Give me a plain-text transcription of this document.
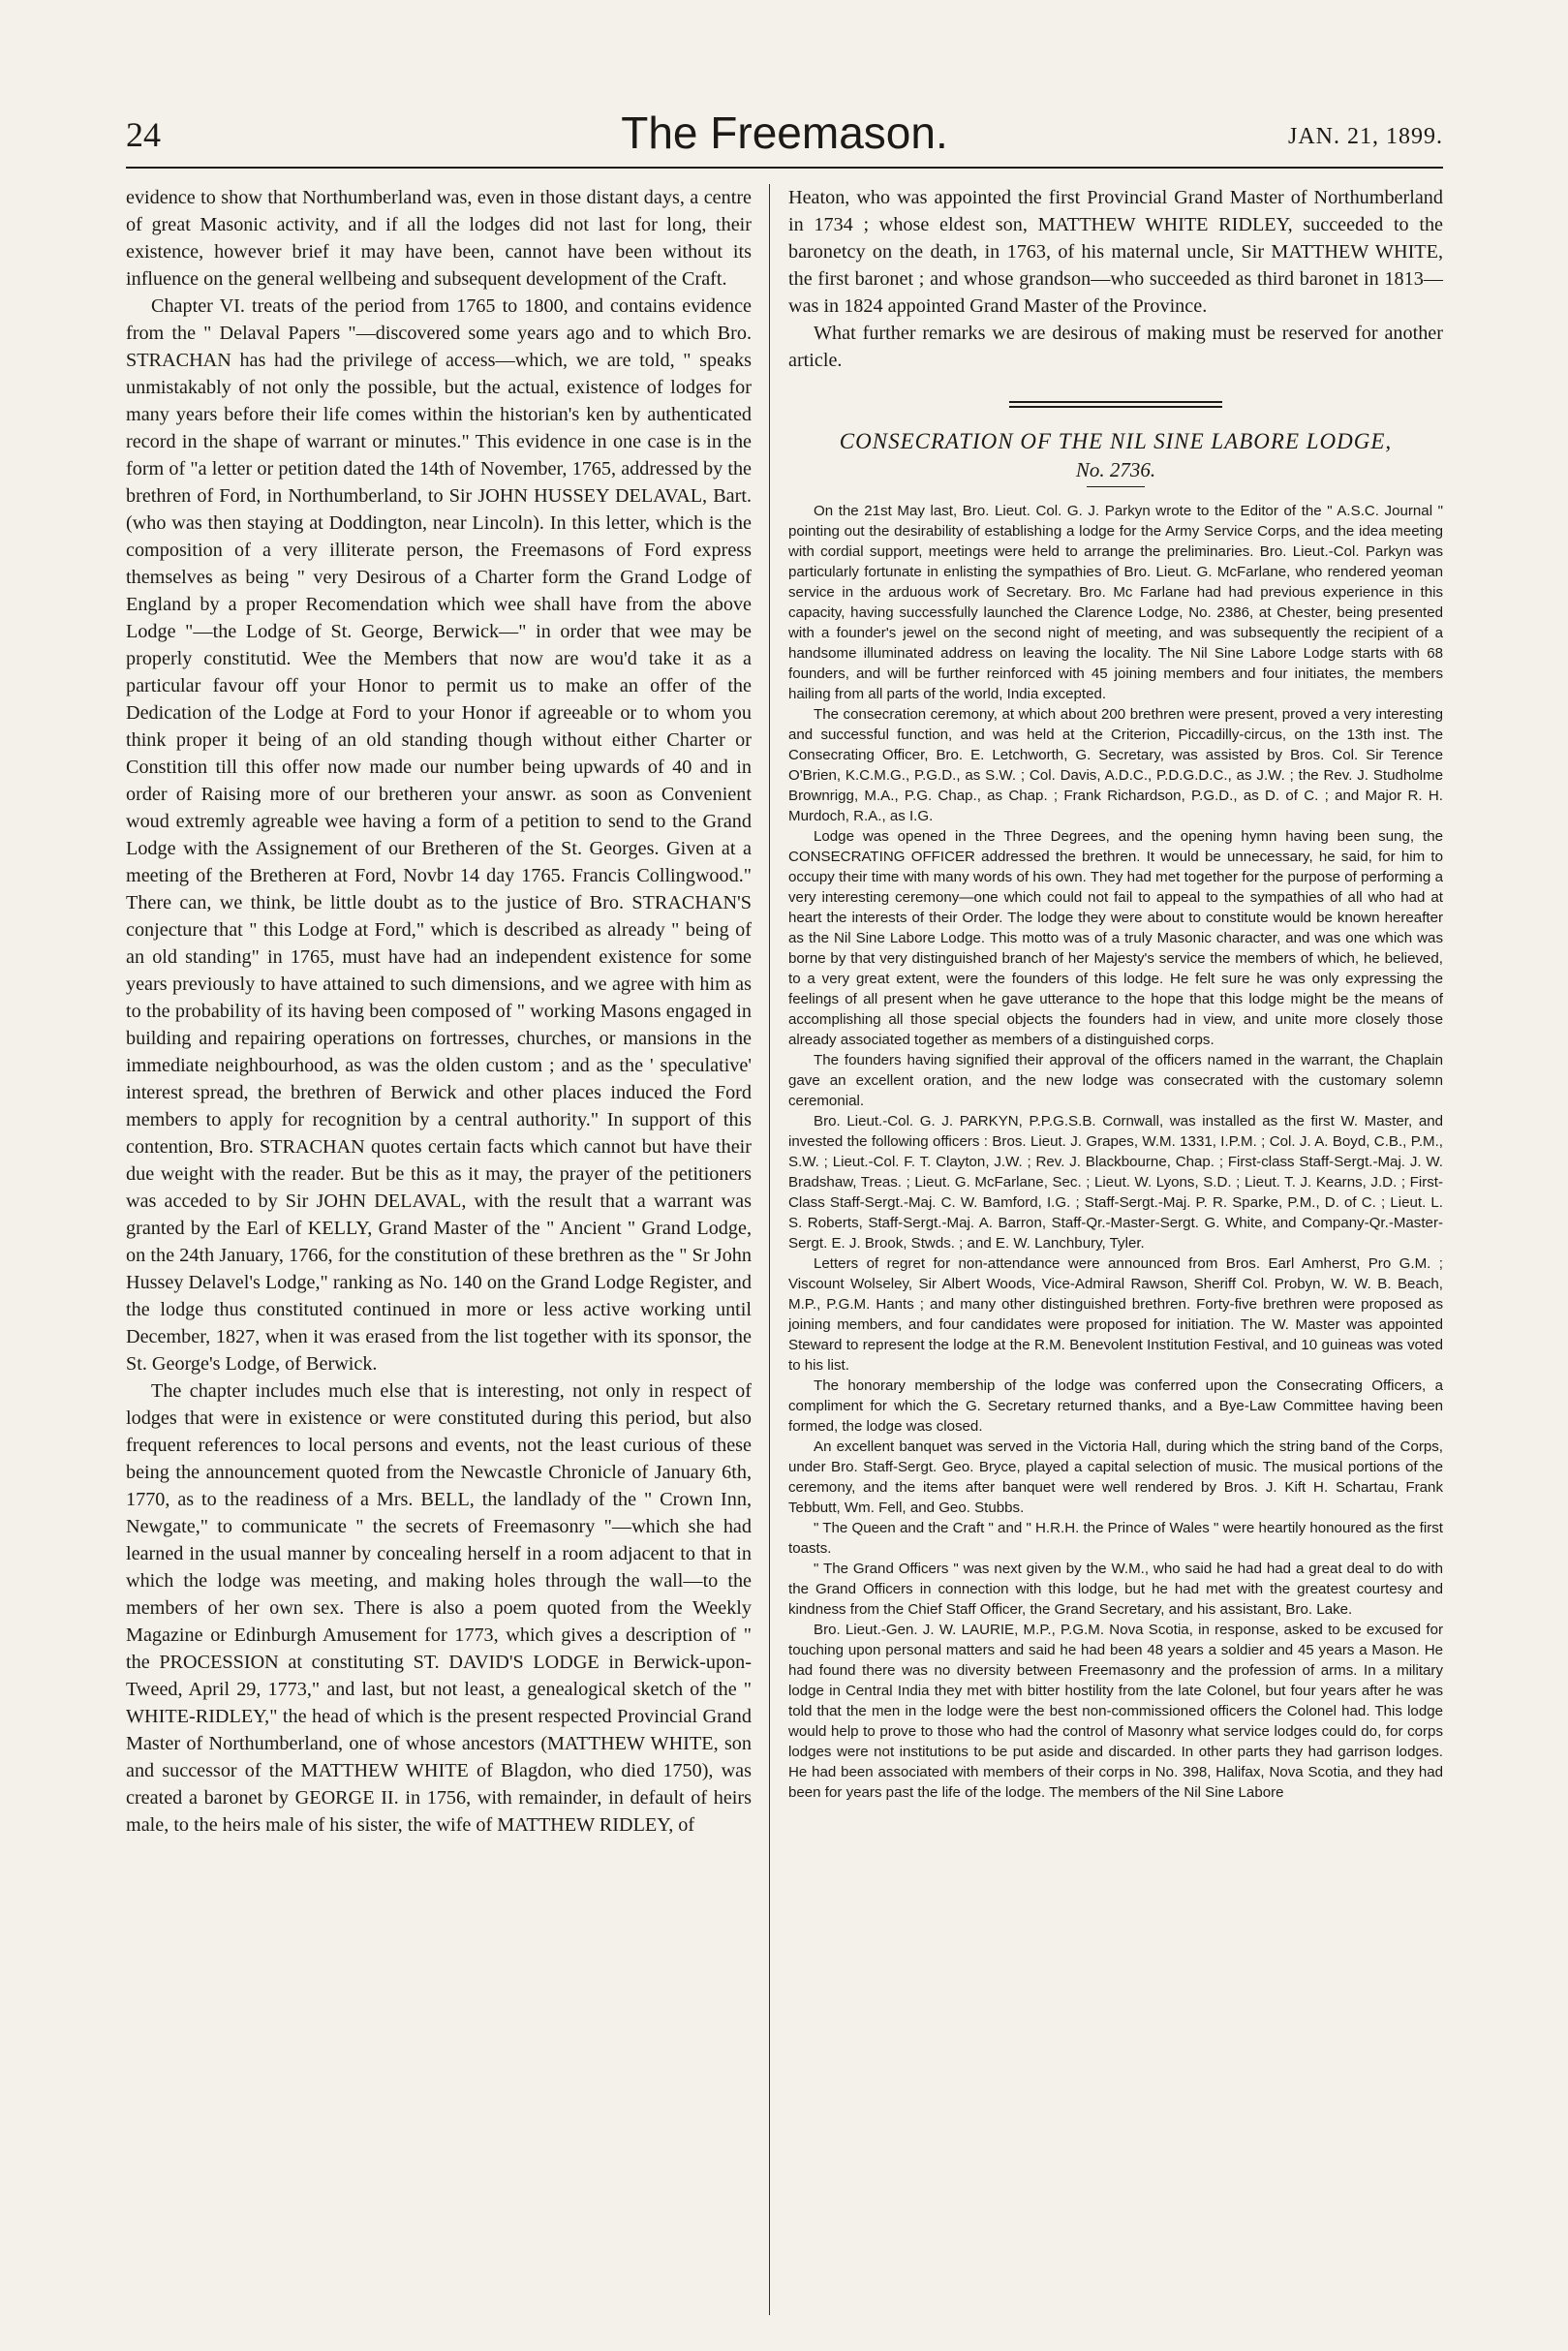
24	The Freemason.	JAN. 21, 1899.

evidence to show that Northumberland was, even in those distant days, a centre of great Masonic activity, and if all the lodges did not last for long, their existence, however brief it may have been, cannot have been without its influence on the general wellbeing and subsequent development of the Craft.

Chapter VI. treats of the period from 1765 to 1800, and contains evidence from the " Delaval Papers "—discovered some years ago and to which Bro. STRACHAN has had the privilege of access—which, we are told, " speaks unmistakably of not only the possible, but the actual, existence of lodges for many years before their life comes within the historian's ken by authenticated record in the shape of warrant or minutes." This evidence in one case is in the form of "a letter or petition dated the 14th of November, 1765, addressed by the brethren of Ford, in Northumberland, to Sir JOHN HUSSEY DELAVAL, Bart. (who was then staying at Doddington, near Lincoln). In this letter, which is the composition of a very illiterate person, the Freemasons of Ford express themselves as being " very Desirous of a Charter form the Grand Lodge of England by a proper Recomendation which wee shall have from the above Lodge "—the Lodge of St. George, Berwick—" in order that wee may be properly constitutid. Wee the Members that now are wou'd take it as a particular favour off your Honor to permit us to make an offer of the Dedication of the Lodge at Ford to your Honor if agreeable or to whom you think proper it being of an old standing though without either Charter or Constition till this offer now made our number being upwards of 40 and in order of Raising more of our bretheren your answr. as soon as Convenient woud extremly agreable wee having a form of a petition to send to the Grand Lodge with the Assignement of our Bretheren of the St. Georges. Given at a meeting of the Bretheren at Ford, Novbr 14 day 1765. Francis Collingwood." There can, we think, be little doubt as to the justice of Bro. STRACHAN'S conjecture that " this Lodge at Ford," which is described as already " being of an old standing" in 1765, must have had an independent existence for some years previously to have attained to such dimensions, and we agree with him as to the probability of its having been composed of " working Masons engaged in building and repairing operations on fortresses, churches, or mansions in the immediate neighbourhood, as was the olden custom ; and as the ' speculative' interest spread, the brethren of Berwick and other places induced the Ford members to apply for recognition by a central authority." In support of this contention, Bro. STRACHAN quotes certain facts which cannot but have their due weight with the reader. But be this as it may, the prayer of the petitioners was acceded to by Sir JOHN DELAVAL, with the result that a warrant was granted by the Earl of KELLY, Grand Master of the " Ancient " Grand Lodge, on the 24th January, 1766, for the constitution of these brethren as the " Sr John Hussey Delavel's Lodge," ranking as No. 140 on the Grand Lodge Register, and the lodge thus constituted continued in more or less active working until December, 1827, when it was erased from the list together with its sponsor, the St. George's Lodge, of Berwick.

The chapter includes much else that is interesting, not only in respect of lodges that were in existence or were constituted during this period, but also frequent references to local persons and events, not the least curious of these being the announcement quoted from the Newcastle Chronicle of January 6th, 1770, as to the readiness of a Mrs. BELL, the landlady of the " Crown Inn, Newgate," to communicate " the secrets of Freemasonry "—which she had learned in the usual manner by concealing herself in a room adjacent to that in which the lodge was meeting, and making holes through the wall—to the members of her own sex. There is also a poem quoted from the Weekly Magazine or Edinburgh Amusement for 1773, which gives a description of " the PROCESSION at constituting ST. DAVID'S LODGE in Berwick-upon-Tweed, April 29, 1773," and last, but not least, a genealogical sketch of the " WHITE-RIDLEY," the head of which is the present respected Provincial Grand Master of Northumberland, one of whose ancestors (MATTHEW WHITE, son and successor of the MATTHEW WHITE of Blagdon, who died 1750), was created a baronet by GEORGE II. in 1756, with remainder, in default of heirs male, to the heirs male of his sister, the wife of MATTHEW RIDLEY, of

Heaton, who was appointed the first Provincial Grand Master of Northumberland in 1734 ; whose eldest son, MATTHEW WHITE RIDLEY, succeeded to the baronetcy on the death, in 1763, of his maternal uncle, Sir MATTHEW WHITE, the first baronet ; and whose grandson—who succeeded as third baronet in 1813—was in 1824 appointed Grand Master of the Province.

What further remarks we are desirous of making must be reserved for another article.

CONSECRATION OF THE NIL SINE LABORE LODGE,

No. 2736.

On the 21st May last, Bro. Lieut. Col. G. J. Parkyn wrote to the Editor of the " A.S.C. Journal " pointing out the desirability of establishing a lodge for the Army Service Corps, and the idea meeting with cordial support, meetings were held to arrange the preliminaries. Bro. Lieut.-Col. Parkyn was particularly fortunate in enlisting the sympathies of Bro. Lieut. G. McFarlane, who rendered yeoman service in the arduous work of Secretary. Bro. Mc Farlane had had previous experience in this capacity, having successfully launched the Clarence Lodge, No. 2386, at Chester, being presented with a founder's jewel on the second night of meeting, and was subsequently the recipient of a handsome illuminated address on leaving the locality. The Nil Sine Labore Lodge starts with 68 founders, and will be further reinforced with 45 joining members and four initiates, the members hailing from all parts of the world, India excepted.

The consecration ceremony, at which about 200 brethren were present, proved a very interesting and successful function, and was held at the Criterion, Piccadilly-circus, on the 13th inst. The Consecrating Officer, Bro. E. Letchworth, G. Secretary, was assisted by Bros. Col. Sir Terence O'Brien, K.C.M.G., P.G.D., as S.W. ; Col. Davis, A.D.C., P.D.G.D.C., as J.W. ; the Rev. J. Studholme Brownrigg, M.A., P.G. Chap., as Chap. ; Frank Richardson, P.G.D., as D. of C. ; and Major R. H. Murdoch, R.A., as I.G.

Lodge was opened in the Three Degrees, and the opening hymn having been sung, the CONSECRATING OFFICER addressed the brethren. It would be unnecessary, he said, for him to occupy their time with many words of his own. They had met together for the purpose of performing a very interesting ceremony—one which could not fail to appeal to the sympathies of all who had at heart the interests of their Order. The lodge they were about to constitute would be known hereafter as the Nil Sine Labore Lodge. This motto was of a truly Masonic character, and was one which was borne by that very distinguished branch of her Majesty's service the members of which, he believed, to a very great extent, were the founders of this lodge. He felt sure he was only expressing the feelings of all present when he gave utterance to the hope that this lodge might be the means of accomplishing all those special objects the founders had in view, and unite more closely those already associated together as members of a distinguished corps.

The founders having signified their approval of the officers named in the warrant, the Chaplain gave an excellent oration, and the new lodge was consecrated with the customary solemn ceremonial.

Bro. Lieut.-Col. G. J. PARKYN, P.P.G.S.B. Cornwall, was installed as the first W. Master, and invested the following officers : Bros. Lieut. J. Grapes, W.M. 1331, I.P.M. ; Col. J. A. Boyd, C.B., P.M., S.W. ; Lieut.-Col. F. T. Clayton, J.W. ; Rev. J. Blackbourne, Chap. ; First-class Staff-Sergt.-Maj. J. W. Bradshaw, Treas. ; Lieut. G. McFarlane, Sec. ; Lieut. W. Lyons, S.D. ; Lieut. T. J. Kearns, J.D. ; First-Class Staff-Sergt.-Maj. C. W. Bamford, I.G. ; Staff-Sergt.-Maj. P. R. Sparke, P.M., D. of C. ; Lieut. L. S. Roberts, Staff-Sergt.-Maj. A. Barron, Staff-Qr.-Master-Sergt. G. White, and Company-Qr.-Master-Sergt. E. J. Brook, Stwds. ; and E. W. Lanchbury, Tyler.

Letters of regret for non-attendance were announced from Bros. Earl Amherst, Pro G.M. ; Viscount Wolseley, Sir Albert Woods, Vice-Admiral Rawson, Sheriff Col. Probyn, W. W. B. Beach, M.P., P.G.M. Hants ; and many other distinguished brethren. Forty-five brethren were proposed as joining members, and four candidates were proposed for initiation. The W. Master was appointed Steward to represent the lodge at the R.M. Benevolent Institution Festival, and 10 guineas was voted to his list.

The honorary membership of the lodge was conferred upon the Consecrating Officers, a compliment for which the G. Secretary returned thanks, and a Bye-Law Committee having been formed, the lodge was closed.

An excellent banquet was served in the Victoria Hall, during which the string band of the Corps, under Bro. Staff-Sergt. Geo. Bryce, played a capital selection of music. The musical portions of the ceremony, and the items after banquet were well rendered by Bros. J. Kift H. Schartau, Frank Tebbutt, Wm. Fell, and Geo. Stubbs.

" The Queen and the Craft " and " H.R.H. the Prince of Wales " were heartily honoured as the first toasts.

" The Grand Officers " was next given by the W.M., who said he had had a great deal to do with the Grand Officers in connection with this lodge, but he had met with the greatest courtesy and kindness from the Chief Staff Officer, the Grand Secretary, and his assistant, Bro. Lake.

Bro. Lieut.-Gen. J. W. LAURIE, M.P., P.G.M. Nova Scotia, in response, asked to be excused for touching upon personal matters and said he had been 48 years a soldier and 45 years a Mason. He had found there was no diversity between Freemasonry and the profession of arms. In a military lodge in Central India they met with bitter hostility from the late Colonel, but four years after he was told that the men in the lodge were the best non-commissioned officers the Colonel had. This lodge would help to prove to those who had the control of Masonry what service lodges could do, for corps lodges were not institutions to be put aside and discarded. In other parts they had garrison lodges. He had been associated with members of their corps in No. 398, Halifax, Nova Scotia, and they had been for years past the life of the lodge. The members of the Nil Sine Labore
